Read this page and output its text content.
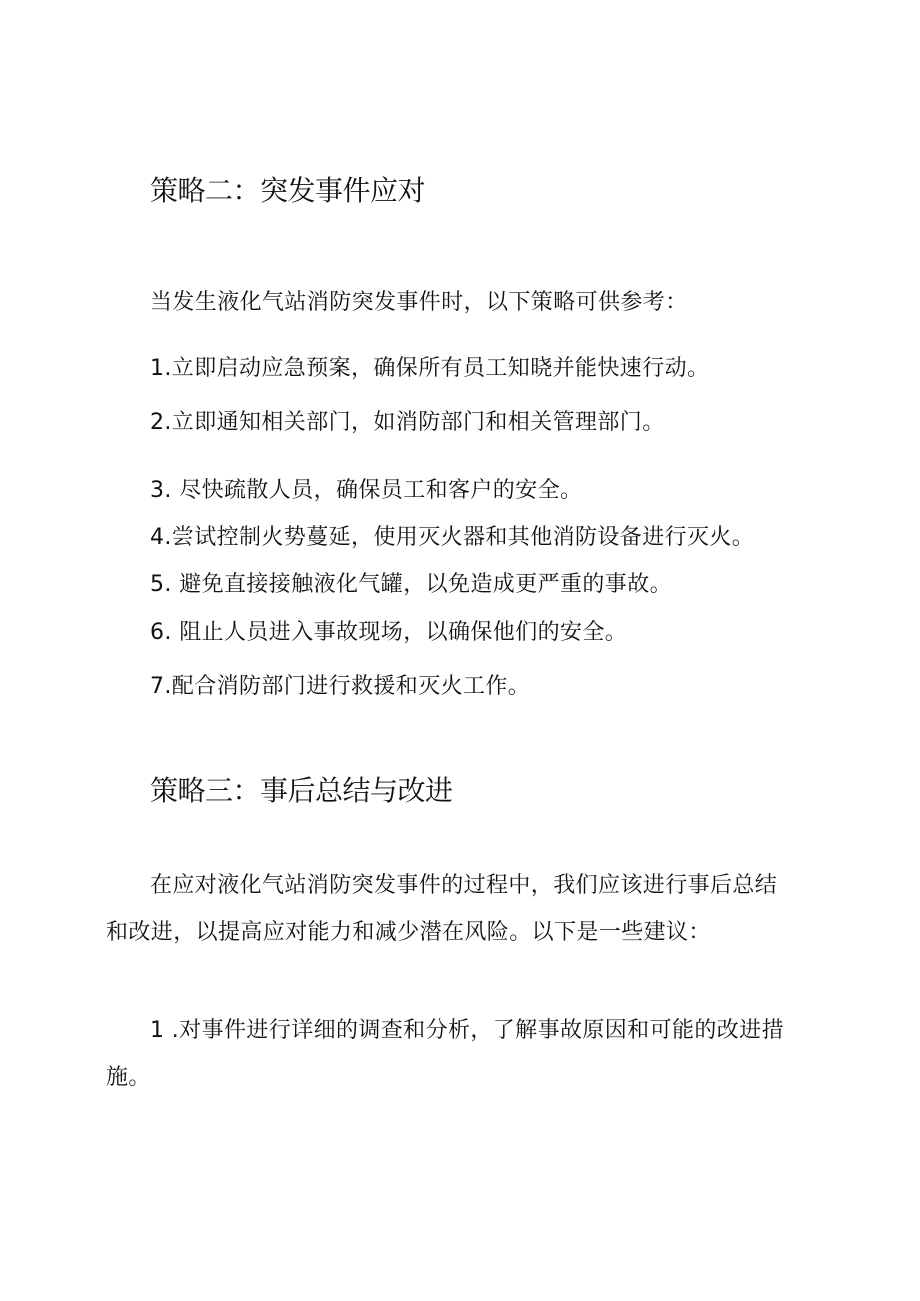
策略二：突发事件应对
当发生液化气站消防突发事件时，以下策略可供参考：
1.立即启动应急预案，确保所有员工知晓并能快速行动。
2.立即通知相关部门，如消防部门和相关管理部门。
3. 尽快疏散人员，确保员工和客户的安全。
4.尝试控制火势蔓延，使用灭火器和其他消防设备进行灭火。
5. 避免直接接触液化气罐，以免造成更严重的事故。
6. 阻止人员进入事故现场，以确保他们的安全。
7.配合消防部门进行救援和灭火工作。
策略三：事后总结与改进
在应对液化气站消防突发事件的过程中，我们应该进行事后总结
和改进，以提高应对能力和减少潜在风险。以下是一些建议：
1 .对事件进行详细的调查和分析，了解事故原因和可能的改进措
施。
